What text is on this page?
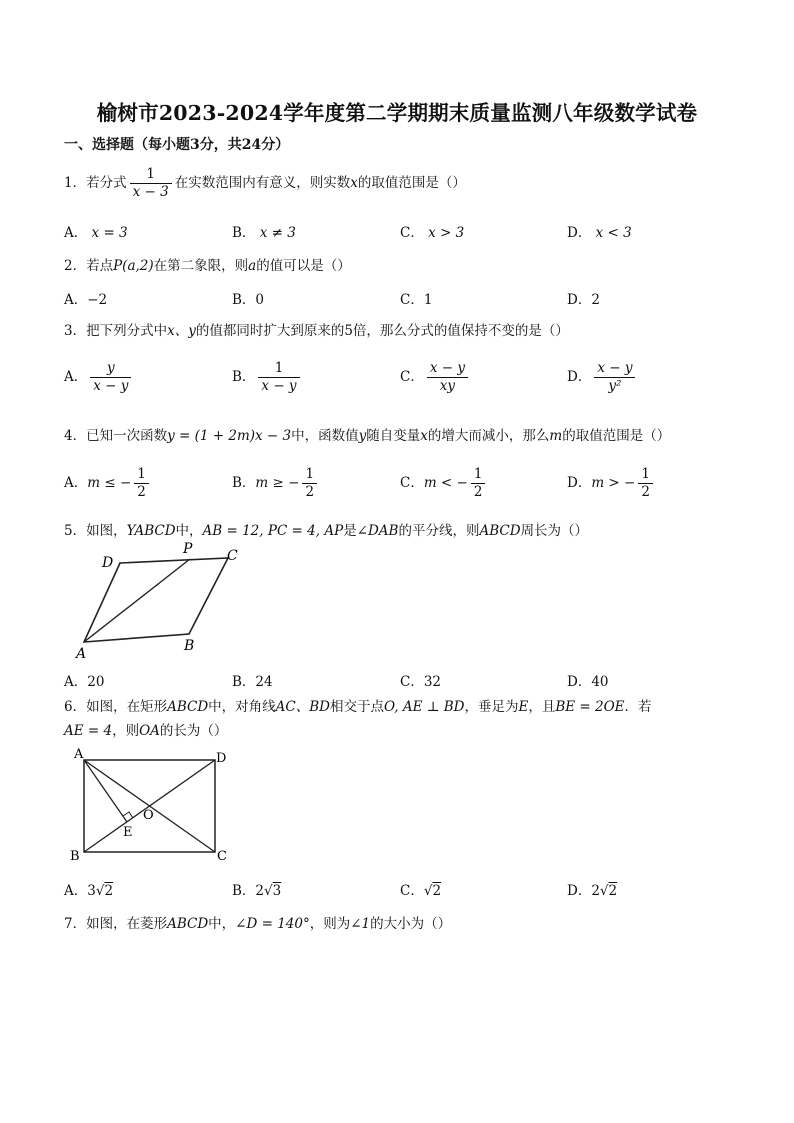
榆树市2023-2024学年度第二学期期末质量监测八年级数学试卷
一、选择题（每小题3分，共24分）
1．若分式 $\frac{1}{x - 3}$ 在实数范围内有意义，则实数x的取值范围是（）
A． x = 3	B． x ≠ 3	C． x > 3	D． x < 3
2．若点P(a,2)在第二象限，则a的值可以是（）
A．−2	B．0	C．1	D．2
3．把下列分式中x、y的值都同时扩大到原来的5倍，那么分式的值保持不变的是（）
A． $\frac{y}{x - y}$	B． $\frac{1}{x - y}$	C． $\frac{x - y}{xy}$	D． $\frac{x - y}{\text{y²}}$
4．已知一次函数y = (1 + 2m)x − 3中，函数值y随自变量x的增大而减小，那么m的取值范围是（）
A．m ≤ − $\frac{1}{2}$	B．m ≥ − $\frac{1}{2}$	C．m < − $\frac{1}{2}$	D．m > − $\frac{1}{2}$
5．如图，YABCD中，AB = 12, PC = 4, AP是∠DAB的平分线，则ABCD周长为（）
A	B
C
D
P
A．20	B．24	C．32	D．40
6．如图，在矩形ABCD中，对角线AC、BD相交于点O, AE ⊥ BD，垂足为E，且BE = 2OE．若
AE = 4，则OA的长为（）
A
B	C
D
E
O
A．3√2	B．2√3	C．√2	D．2√2
7．如图，在菱形ABCD中，∠D = 140°，则为∠1的大小为（）
